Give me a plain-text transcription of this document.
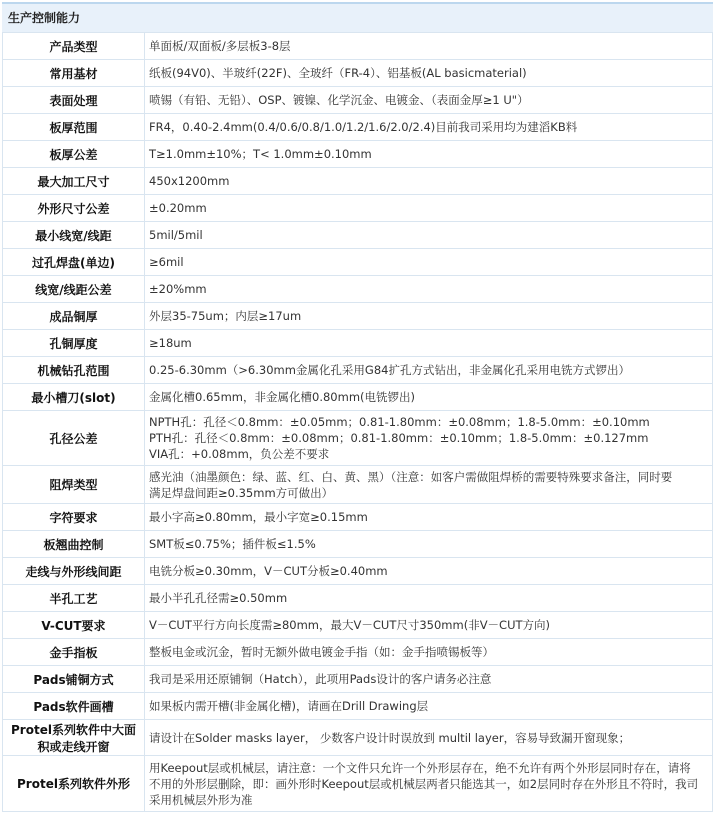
生产控制能力
产品类型	单面板/双面板/多层板3-8层
常用基材	纸板(94V0)、半玻纤(22F)、全玻纤（FR-4）、铝基板(AL basicmaterial)
表面处理	喷锡（有铅、无铅）、OSP、镀镍、化学沉金、电镀金、（表面金厚≥1 U"）
板厚范围	FR4，0.40-2.4mm(0.4/0.6/0.8/1.0/1.2/1.6/2.0/2.4)目前我司采用均为建滔KB料
板厚公差	T≥1.0mm±10%；T< 1.0mm±0.10mm
最大加工尺寸	450x1200mm
外形尺寸公差	±0.20mm
最小线宽/线距	5mil/5mil
过孔焊盘(单边)	≥6mil
线宽/线距公差	±20%mm
成品铜厚	外层35-75um；内层≥17um
孔铜厚度	≥18um
机械钻孔范围	0.25-6.30mm（>6.30mm金属化孔采用G84扩孔方式钻出，非金属化孔采用电铣方式锣出）
最小槽刀(slot)	金属化槽0.65mm，非金属化槽0.80mm(电铣锣出)
孔径公差	NPTH孔：孔径＜0.8mm：±0.05mm；0.81-1.80mm：±0.08mm；1.8-5.0mm：±0.10mm
PTH孔：孔径＜0.8mm：±0.08mm；0.81-1.80mm：±0.10mm；1.8-5.0mm：±0.127mm
VIA孔：+0.08mm，负公差不要求

阻焊类型	感光油（油墨颜色：绿、蓝、红、白、黄、黑）（注意：如客户需做阻焊桥的需要特殊要求备注，同时要
满足焊盘间距≥0.35mm方可做出）

字符要求	最小字高≥0.80mm，最小字宽≥0.15mm
板翘曲控制	SMT板≤0.75%；插件板≤1.5%
走线与外形线间距	电铣分板≥0.30mm，V－CUT分板≥0.40mm
半孔工艺	最小半孔孔径需≥0.50mm
V-CUT要求	V－CUT平行方向长度需≥80mm，最大V－CUT尺寸350mm(非V－CUT方向)
金手指板	整板电金或沉金，暂时无额外做电镀金手指（如：金手指喷锡板等）
Pads铺铜方式	我司是采用还原铺铜（Hatch），此项用Pads设计的客户请务必注意
Pads软件画槽	如果板内需开槽(非金属化槽)，请画在Drill Drawing层
Protel系列软件中大面积或走线开窗	请设计在Solder masks layer， 少数客户设计时误放到 multil layer，容易导致漏开窗现象；
Protel系列软件外形	用Keepout层或机械层，请注意：一个文件只允许一个外形层存在，绝不允许有两个外形层同时存在，请将
不用的外形层删除，即：画外形时Keepout层或机械层两者只能选其一，如2层同时存在外形且不符时，我司
采用机械层外形为准
